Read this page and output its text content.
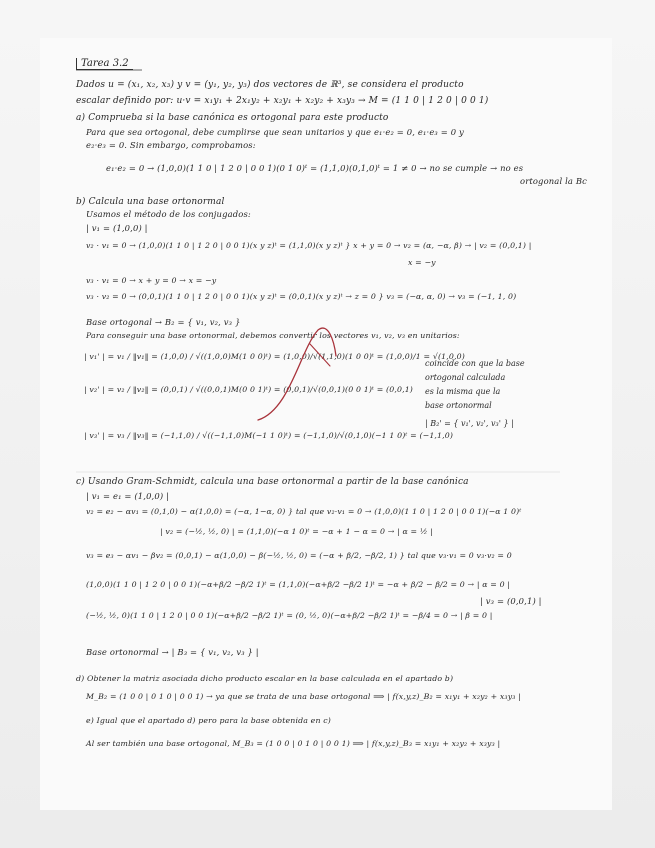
Tarea 3.2
Dados u = (x₁, x₂, x₃) y v = (y₁, y₂, y₃) dos vectores de ℝ³, se considera el producto
escalar definido por: u·v = x₁y₁ + 2x₁y₂ + x₂y₁ + x₂y₂ + x₃y₃ → M = (1 1 0 | 1 2 0 | 0 0 1)
a) Comprueba si la base canónica es ortogonal para este producto
Para que sea ortogonal, debe cumplirse que sean unitarios y que e₁·e₂ = 0, e₁·e₃ = 0 y
e₂·e₃ = 0. Sin embargo, comprobamos:
e₁·e₂ = 0 → (1,0,0)(1 1 0 | 1 2 0 | 0 0 1)(0 1 0)ᵗ = (1,1,0)(0,1,0)ᵗ = 1 ≠ 0 → no se cumple → no es
ortogonal la Bc
b) Calcula una base ortonormal
Usamos el método de los conjugados:
| v₁ = (1,0,0) |
v₂ · v₁ = 0 → (1,0,0)(1 1 0 | 1 2 0 | 0 0 1)(x y z)ᵗ = (1,1,0)(x y z)ᵗ } x + y = 0 → v₂ = (α, −α, β) → | v₂ = (0,0,1) |
x = −y
v₃ · v₁ = 0 → x + y = 0 → x = −y
v₃ · v₂ = 0 → (0,0,1)(1 1 0 | 1 2 0 | 0 0 1)(x y z)ᵗ = (0,0,1)(x y z)ᵗ → z = 0 } v₃ = (−α, α, 0) → v₃ = (−1, 1, 0)
Base ortogonal → B₂ = { v₁, v₂, v₃ }
Para conseguir una base ortonormal, debemos convertir los vectores v₁, v₂, v₃ en unitarios:
| v₁' | = v₁ / ‖v₁‖ = (1,0,0) / √((1,0,0)M(1 0 0)ᵗ) = (1,0,0)/√(1,1,0)(1 0 0)ᵗ = (1,0,0)/1 = √(1,0,0)
| v₂' | = v₂ / ‖v₂‖ = (0,0,1) / √((0,0,1)M(0 0 1)ᵗ) = (0,0,1)/√(0,0,1)(0 0 1)ᵗ = (0,0,1)
| v₃' | = v₃ / ‖v₃‖ = (−1,1,0) / √((−1,1,0)M(−1 1 0)ᵗ) = (−1,1,0)/√(0,1,0)(−1 1 0)ᵗ = (−1,1,0)
coincide con que la base
ortogonal calculada
es la misma que la
base ortonormal
| B₂' = { v₁', v₂', v₃' } |
c) Usando Gram-Schmidt, calcula una base ortonormal a partir de la base canónica
| v₁ = e₁ = (1,0,0) |
v₂ = e₂ − αv₁ = (0,1,0) − α(1,0,0) = (−α, 1−α, 0) } tal que v₂·v₁ = 0 → (1,0,0)(1 1 0 | 1 2 0 | 0 0 1)(−α 1 0)ᵗ
| v₂ = (−½, ½, 0) | = (1,1,0)(−α 1 0)ᵗ = −α + 1 − α = 0 → | α = ½ |
v₃ = e₃ − αv₁ − βv₂ = (0,0,1) − α(1,0,0) − β(−½, ½, 0) = (−α + β/2, −β/2, 1) } tal que v₃·v₁ = 0 v₃·v₂ = 0
(1,0,0)(1 1 0 | 1 2 0 | 0 0 1)(−α+β/2 −β/2 1)ᵗ = (1,1,0)(−α+β/2 −β/2 1)ᵗ = −α + β/2 − β/2 = 0 → | α = 0 |
(−½, ½, 0)(1 1 0 | 1 2 0 | 0 0 1)(−α+β/2 −β/2 1)ᵗ = (0, ½, 0)(−α+β/2 −β/2 1)ᵗ = −β/4 = 0 → | β = 0 |
| v₃ = (0,0,1) |
Base ortonormal → | B₃ = { v₁, v₂, v₃ } |
d) Obtener la matriz asociada dicho producto escalar en la base calculada en el apartado b)
M_B₂ = (1 0 0 | 0 1 0 | 0 0 1) → ya que se trata de una base ortogonal ⟹ | f(x,y,z)_B₂ = x₁y₁ + x₂y₂ + x₃y₃ |
e) Igual que el apartado d) pero para la base obtenida en c)
Al ser también una base ortogonal, M_B₃ = (1 0 0 | 0 1 0 | 0 0 1) ⟹ | f(x,y,z)_B₃ = x₁y₁ + x₂y₂ + x₃y₃ |
